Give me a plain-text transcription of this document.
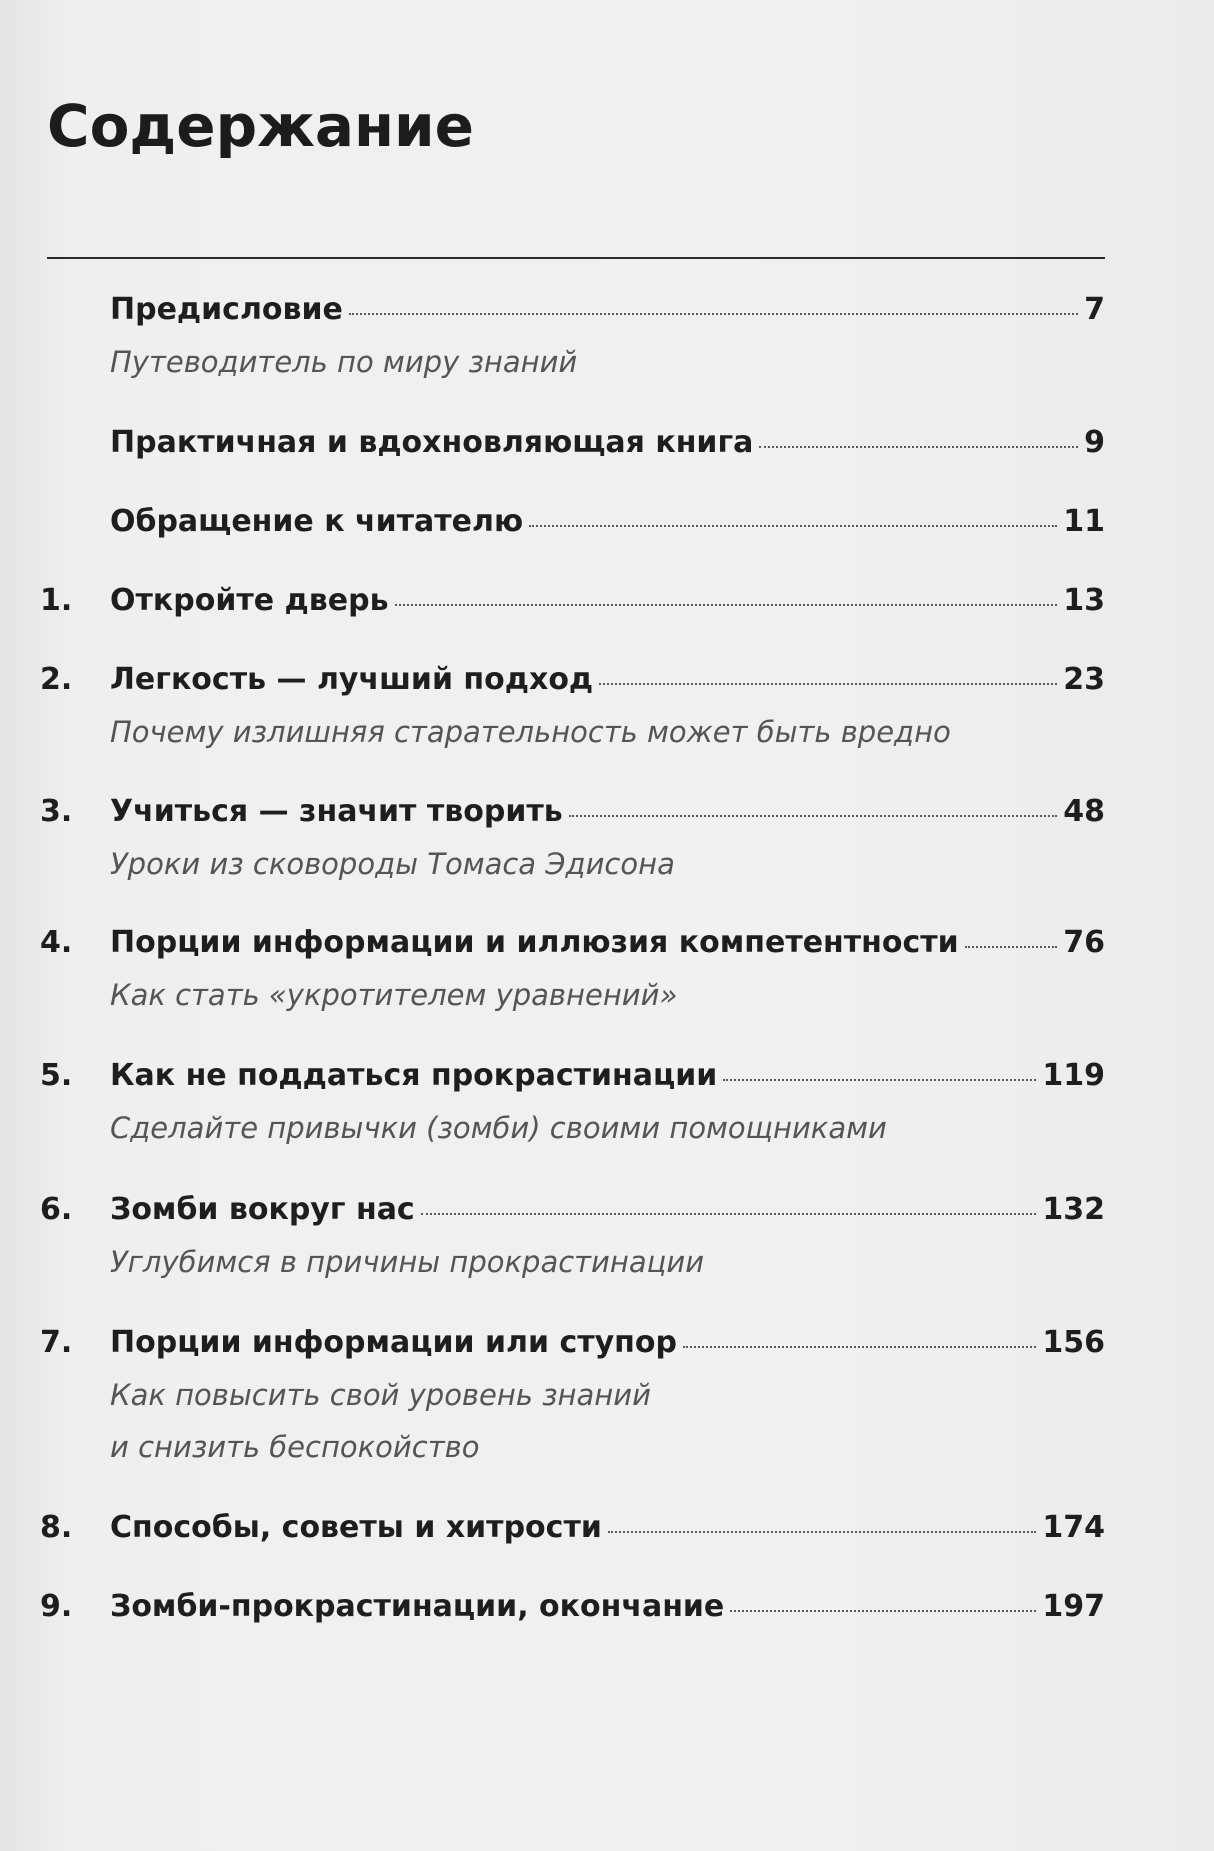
Содержание
Предисловие	7
Путеводитель по миру знаний
Практичная и вдохновляющая книга	9
Обращение к читателю	11
1.	Откройте дверь	13
2.	Легкость — лучший подход	23
Почему излишняя старательность может быть вредно
3.	Учиться — значит творить	48
Уроки из сковороды Томаса Эдисона
4.	Порции информации и иллюзия компетентности	76
Как стать «укротителем уравнений»
5.	Как не поддаться прокрастинации	119
Сделайте привычки (зомби) своими помощниками
6.	Зомби вокруг нас	132
Углубимся в причины прокрастинации
7.	Порции информации или ступор	156
Как повысить свой уровень знаний
и снизить беспокойство
8.	Способы, советы и хитрости	174
9.	Зомби-прокрастинации, окончание	197
